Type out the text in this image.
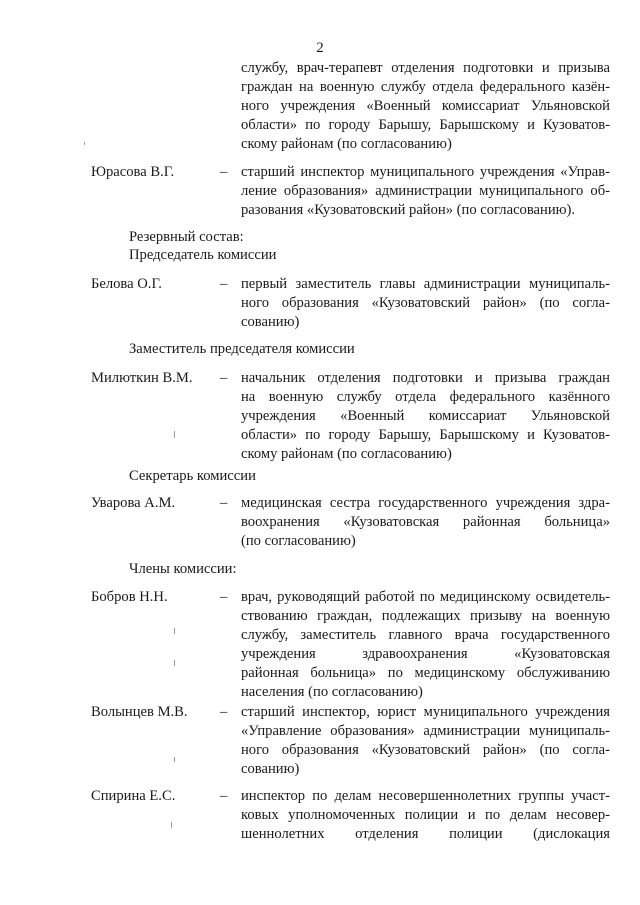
2
службу, врач-терапевт отделения подготовки и призыва
граждан на военную службу отдела федерального казён-
ного учреждения «Военный комиссариат Ульяновской
области» по городу Барышу, Барышскому и Кузоватов-
скому районам (по согласованию)
Юрасова В.Г.	– старший инспектор муниципального учреждения «Управ-
ление образования» администрации муниципального об-
разования «Кузоватовский район» (по согласованию).
Резервный состав:
Председатель комиссии
Белова О.Г.	– первый заместитель главы администрации муниципаль-
ного образования «Кузоватовский район» (по согла-
сованию)
Заместитель председателя комиссии
Милюткин В.М. – начальник отделения подготовки и призыва граждан
на военную службу отдела федерального казённого
учреждения «Военный комиссариат Ульяновской
области» по городу Барышу, Барышскому и Кузоватов-
скому районам (по согласованию)
Секретарь комиссии
Уварова А.М.	– медицинская сестра государственного учреждения здра-
воохранения «Кузоватовская районная больница»
(по согласованию)
Члены комиссии:
Бобров Н.Н.	– врач, руководящий работой по медицинскому освидетель-
ствованию граждан, подлежащих призыву на военную
службу, заместитель главного врача государственного
учреждения здравоохранения «Кузоватовская
районная больница» по медицинскому обслуживанию
населения (по согласованию)
Волынцев М.В. – старший инспектор, юрист муниципального учреждения
«Управление образования» администрации муниципаль-
ного образования «Кузоватовский район» (по согла-
сованию)
Спирина Е.С.	– инспектор по делам несовершеннолетних группы участ-
ковых уполномоченных полиции и по делам несовер-
шеннолетних отделения полиции (дислокация
